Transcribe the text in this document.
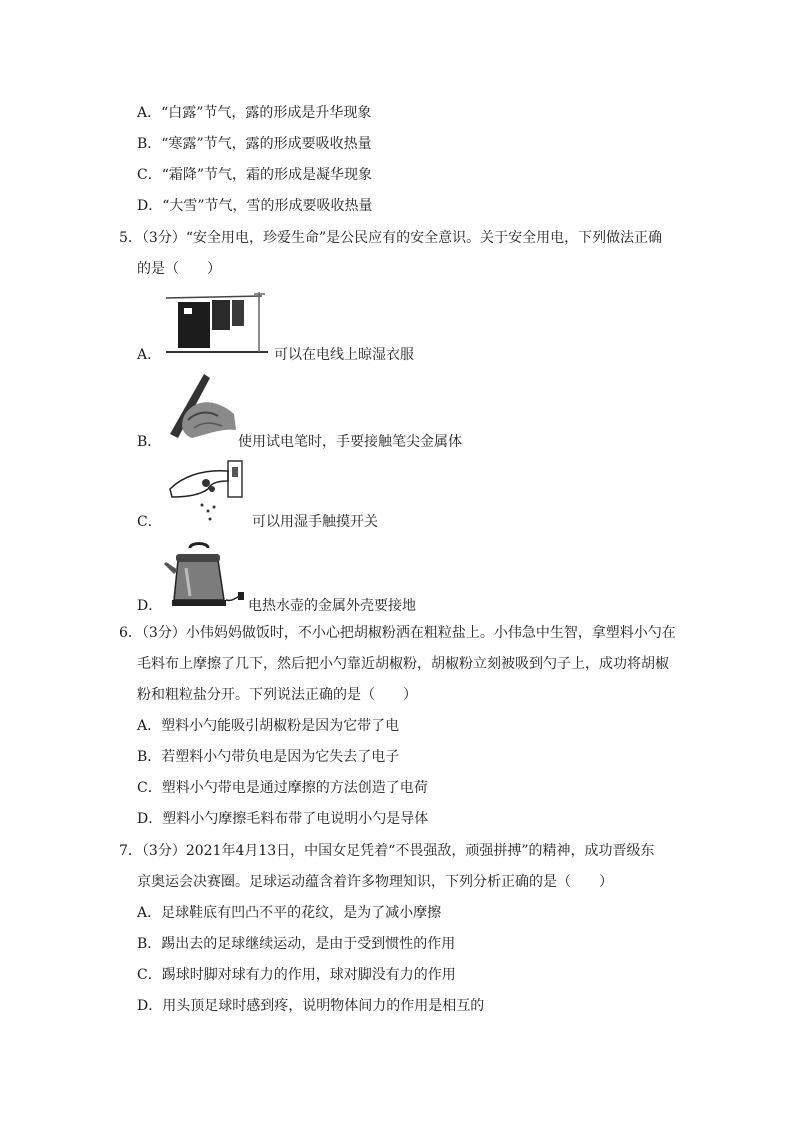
A．“白露”节气，露的形成是升华现象
B．“寒露”节气，露的形成要吸收热量
C．“霜降”节气，霜的形成是凝华现象
D．“大雪”节气，雪的形成要吸收热量
5．（3分）“安全用电，珍爱生命”是公民应有的安全意识。关于安全用电，下列做法正确
的是（　　）
A．	可以在电线上晾湿衣服
B．	使用试电笔时，手要接触笔尖金属体
C．	可以用湿手触摸开关
D．	电热水壶的金属外壳要接地
6．（3分）小伟妈妈做饭时，不小心把胡椒粉洒在粗粒盐上。小伟急中生智，拿塑料小勺在
毛料布上摩擦了几下，然后把小勺靠近胡椒粉，胡椒粉立刻被吸到勺子上，成功将胡椒
粉和粗粒盐分开。下列说法正确的是（　　）
A．塑料小勺能吸引胡椒粉是因为它带了电
B．若塑料小勺带负电是因为它失去了电子
C．塑料小勺带电是通过摩擦的方法创造了电荷
D．塑料小勺摩擦毛料布带了电说明小勺是导体
7．（3分）2021年4月13日，中国女足凭着“不畏强敌，顽强拼搏”的精神，成功晋级东
京奥运会决赛圈。足球运动蕴含着许多物理知识，下列分析正确的是（　　）
A．足球鞋底有凹凸不平的花纹，是为了减小摩擦
B．踢出去的足球继续运动，是由于受到惯性的作用
C．踢球时脚对球有力的作用，球对脚没有力的作用
D．用头顶足球时感到疼，说明物体间力的作用是相互的
